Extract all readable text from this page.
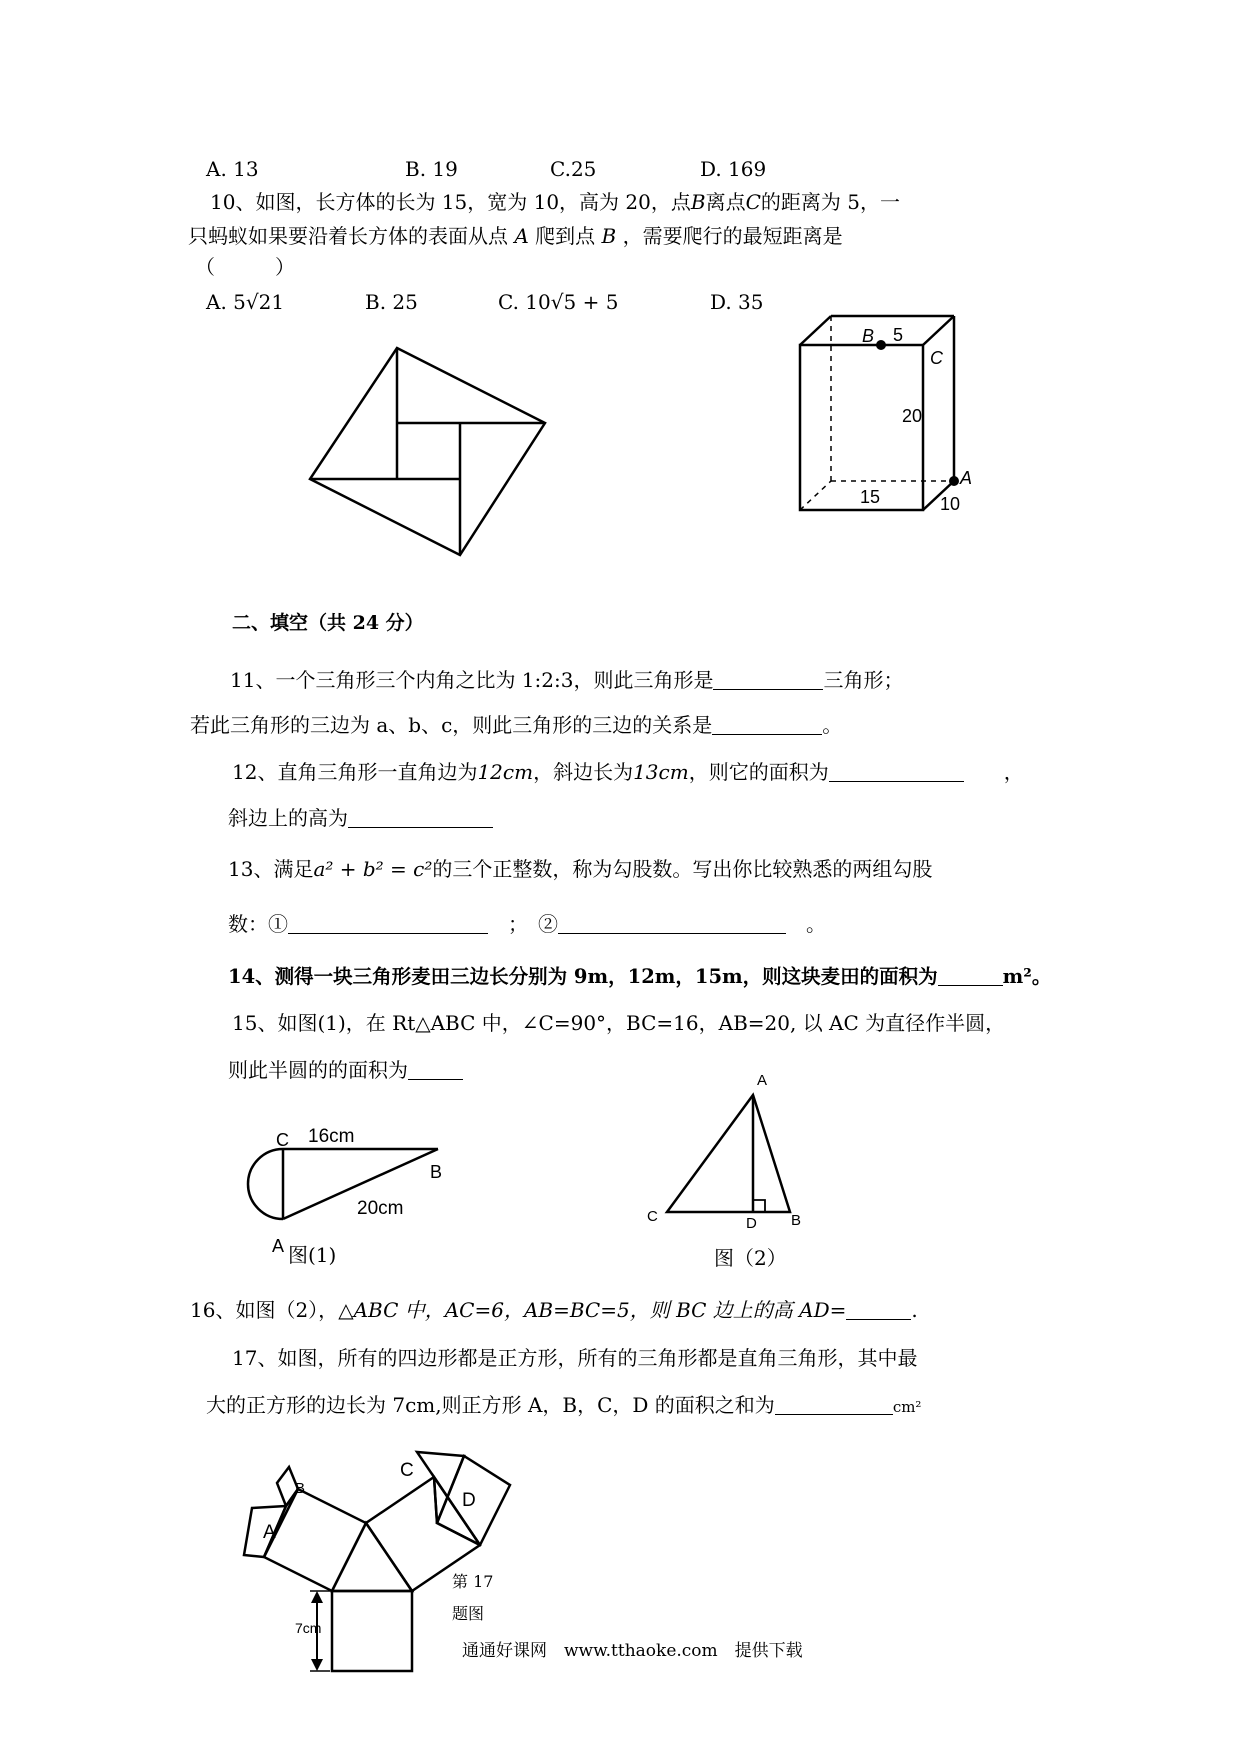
A. 13	B. 19	C.25	D. 169
10、如图，长方体的长为 15，宽为 10，高为 20，点B离点C的距离为 5，一
只蚂蚁如果要沿着长方体的表面从点 A 爬到点 B ，需要爬行的最短距离是
（　　　）
A. 5√21	B. 25	C. 10√5 + 5	D. 35
B 5
C
20
A
15	10
二、填空（共 24 分）
11、一个三角形三个内角之比为 1:2:3，则此三角形是	三角形；
若此三角形的三边为 a、b、c，则此三角形的三边的关系是	。
12、直角三角形一直角边为12cm，斜边长为13cm，则它的面积为　　	，
斜边上的高为
13、满足a² + b² = c²的三个正整数，称为勾股数。写出你比较熟悉的两组勾股
数：①　	；　②　	。
14、测得一块三角形麦田三边长分别为 9m，12m，15m，则这块麦田的面积为	m²。
15、如图(1)，在 Rt△ABC 中，∠C=90°，BC=16，AB=20, 以 AC 为直径作半圆，
则此半圆的的面积为
C 16cm
B
20cm
A 图(1)
A
C	D B
图（2）
16、如图（2），△ABC 中，AC=6，AB=BC=5，则 BC 边上的高 AD=	.
17、如图，所有的四边形都是正方形，所有的三角形都是直角三角形，其中最
大的正方形的边长为 7cm,则正方形 A，B，C，D 的面积之和为	cm²
A
B
C
D
7cm
第 17
题图
通通好课网　www.tthaoke.com　提供下载
